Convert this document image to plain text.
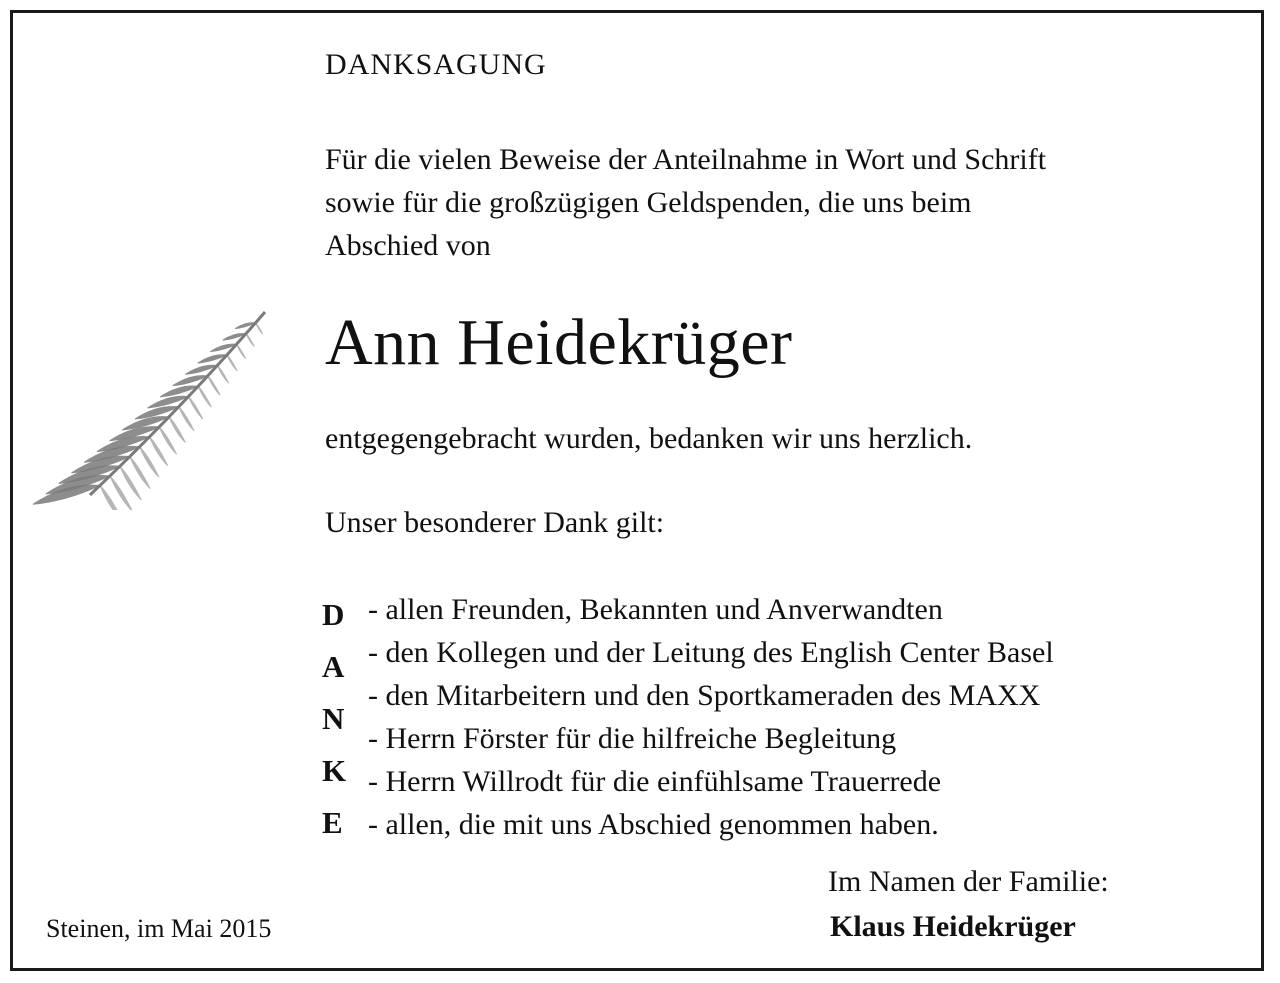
DANKSAGUNG
Für die vielen Beweise der Anteilnahme in Wort und Schrift
sowie für die großzügigen Geldspenden, die uns beim
Abschied von
Ann Heidekrüger
entgegengebracht wurden, bedanken wir uns herzlich.
Unser besonderer Dank gilt:
D
A
N
K
E
- allen Freunden, Bekannten und Anverwandten
- den Kollegen und der Leitung des English Center Basel
- den Mitarbeitern und den Sportkameraden des MAXX
- Herrn Förster für die hilfreiche Begleitung
- Herrn Willrodt für die einfühlsame Trauerrede
- allen, die mit uns Abschied genommen haben.
Im Namen der Familie:
Klaus Heidekrüger
Steinen, im Mai 2015
